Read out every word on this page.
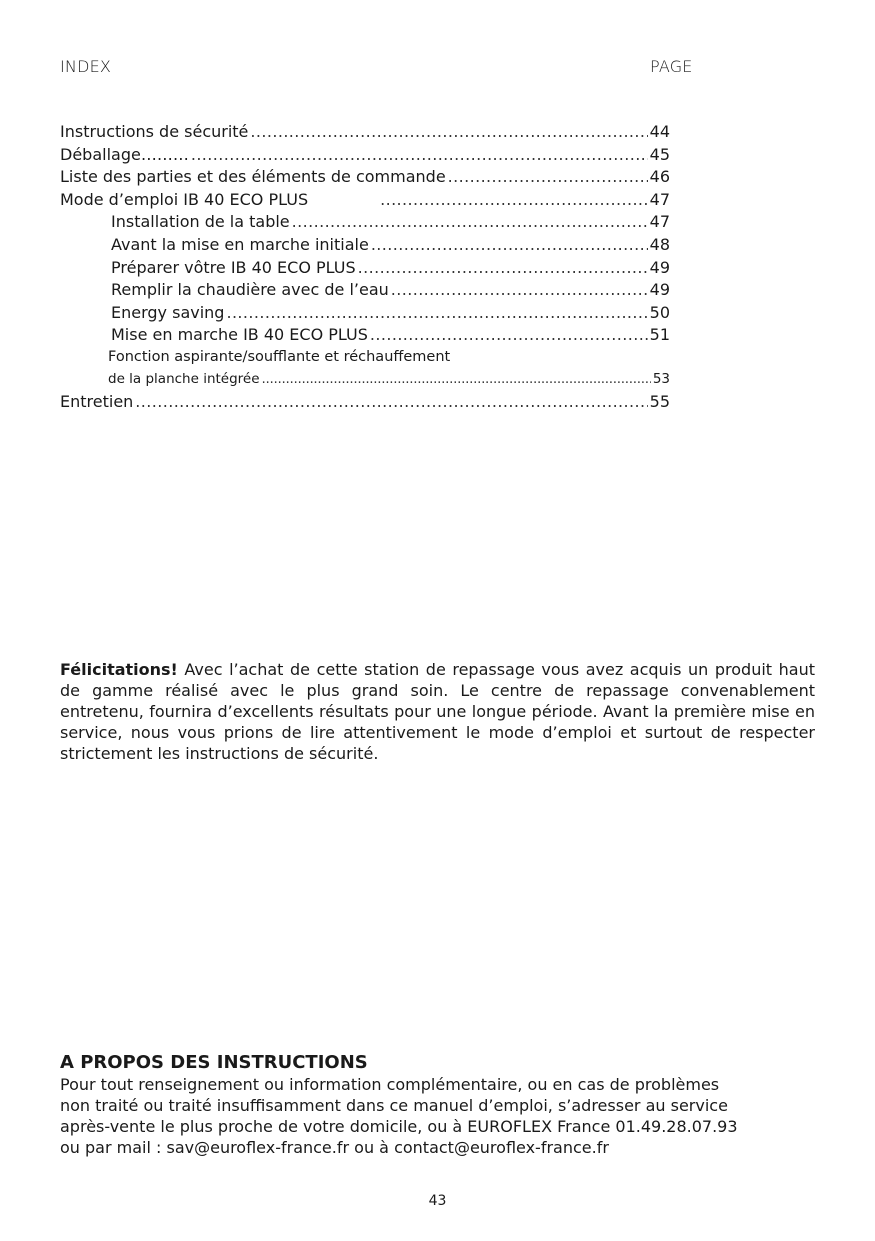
INDEX	PAGE
Instructions de sécurité .....	44
Déballage……… .....	45
Liste des parties et des éléments de commande .....	46
Mode d’emploi IB 40 ECO PLUS .....	47
Installation de la table .....	47
Avant la mise en marche initiale .....	48
Préparer vôtre IB 40 ECO PLUS .....	49
Remplir la chaudière avec de l’eau .....	49
Energy saving .....	50
Mise en marche IB 40 ECO PLUS .....	51
Fonction aspirante/soufflante et réchauffement
de la planche intégrée .....	53
Entretien .....	55
Félicitations! Avec l’achat de cette station de repassage vous avez acquis un produit haut de gamme réalisé avec le plus grand soin. Le centre de repassage convenablement entretenu, fournira d’excellents résultats pour une longue période. Avant la première mise en service, nous vous prions de lire attentivement le mode d’emploi et surtout de respecter strictement les instructions de sécurité.
A PROPOS DES INSTRUCTIONS

Pour tout renseignement ou information complémentaire, ou en cas de problèmes

non traité ou traité insuffisamment dans ce manuel d’emploi, s’adresser au service

après-vente le plus proche de votre domicile, ou à EUROFLEX France 01.49.28.07.93

ou par mail : sav@euroflex-france.fr ou à contact@euroflex-france.fr

43
